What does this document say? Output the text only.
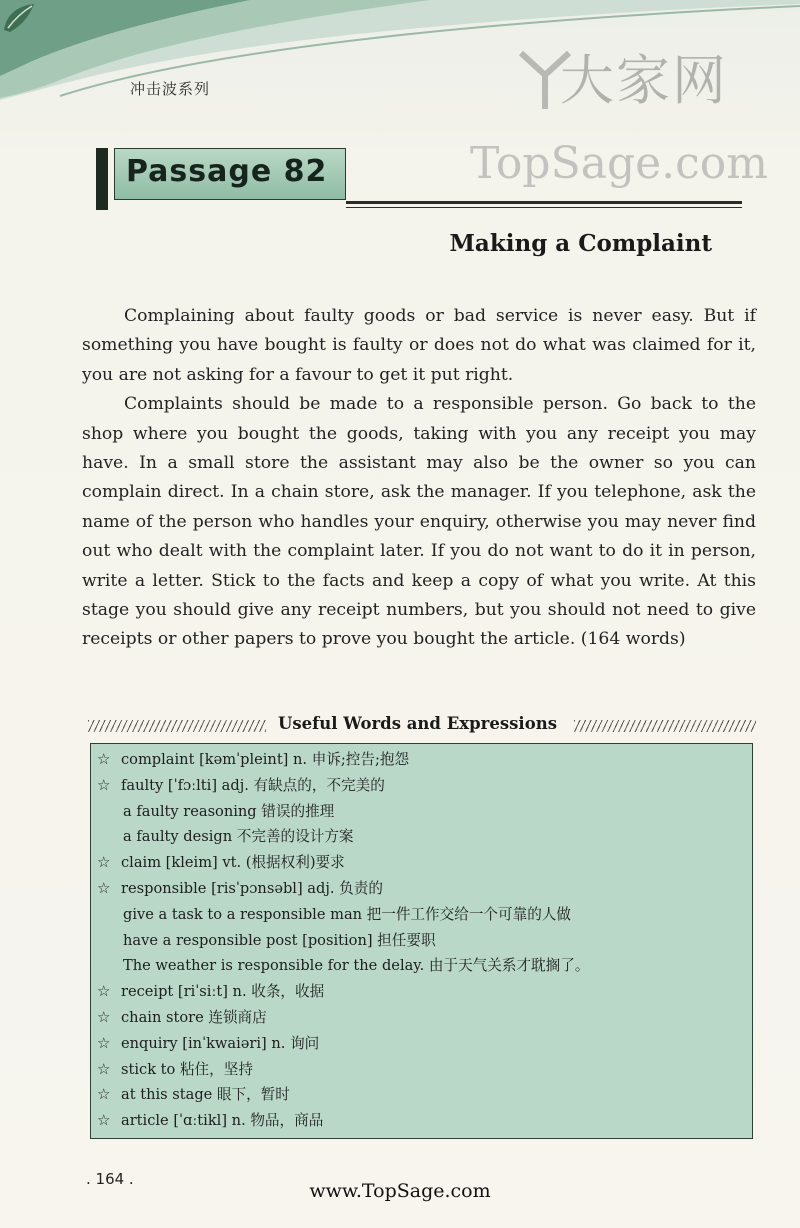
冲击波系列	大家网
TopSage.com
Passage 82
Making a Complaint

Complaining about faulty goods or bad service is never easy. But if something you have bought is faulty or does not do what was claimed for it, you are not asking for a favour to get it put right.

Complaints should be made to a responsible person. Go back to the shop where you bought the goods, taking with you any receipt you may have. In a small store the assistant may also be the owner so you can complain direct. In a chain store, ask the manager. If you telephone, ask the name of the person who handles your enquiry, otherwise you may never find out who dealt with the complaint later. If you do not want to do it in person, write a letter. Stick to the facts and keep a copy of what you write. At this stage you should give any receipt numbers, but you should not need to give receipts or other papers to prove you bought the article. (164 words)

Useful Words and Expressions
☆ complaint [kəmˈpleint] n. 申诉;控告;抱怨
☆ faulty [ˈfɔːlti] adj. 有缺点的，不完美的
a faulty reasoning 错误的推理
a faulty design 不完善的设计方案
☆ claim [kleim] vt. (根据权利)要求
☆ responsible [risˈpɔnsəbl] adj. 负责的
give a task to a responsible man 把一件工作交给一个可靠的人做
have a responsible post [position] 担任要职
The weather is responsible for the delay. 由于天气关系才耽搁了。
☆ receipt [riˈsiːt] n. 收条，收据
☆ chain store 连锁商店
☆ enquiry [inˈkwaiəri] n. 询问
☆ stick to 粘住，坚持
☆ at this stage 眼下，暂时
☆ article [ˈɑːtikl] n. 物品，商品
. 164 .
www.TopSage.com
